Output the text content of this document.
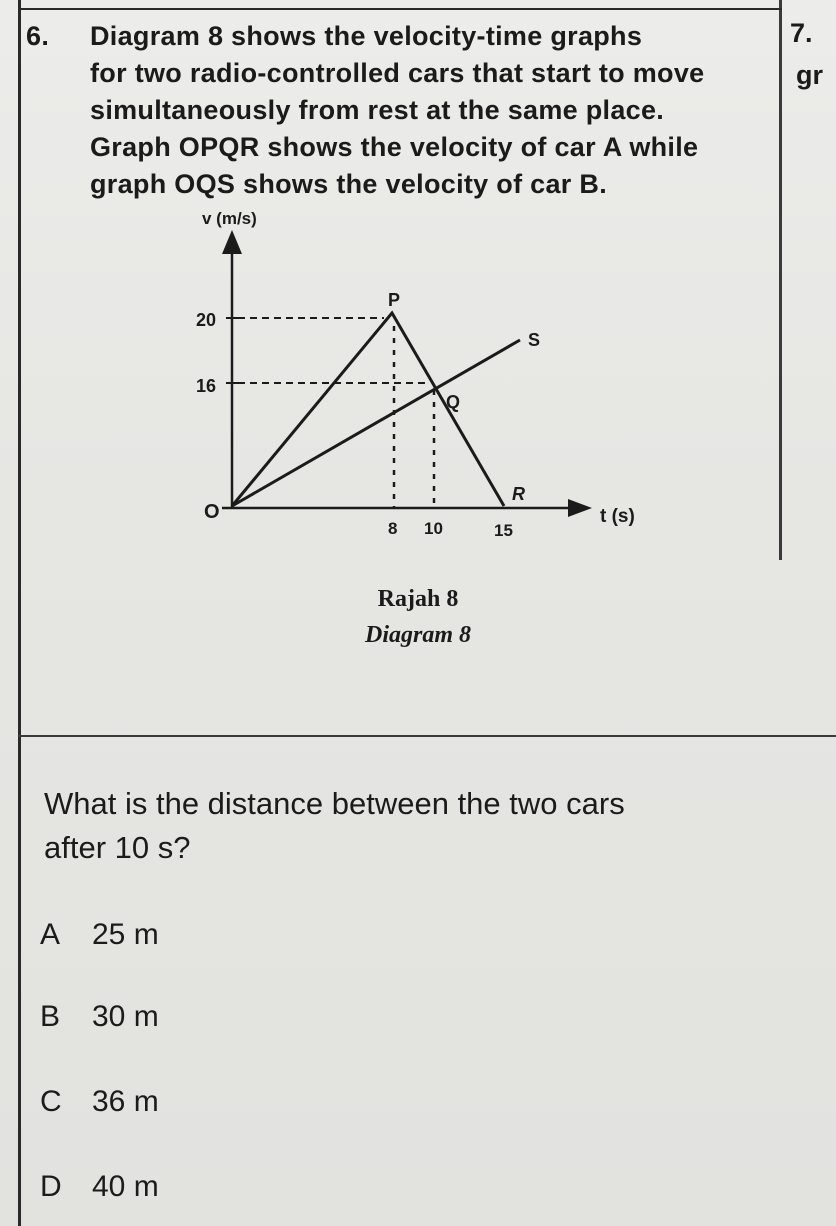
6. Diagram 8 shows the velocity-time graphs
for two radio-controlled cars that start to move
simultaneously from rest at the same place.
Graph OPQR shows the velocity of car A while
graph OQS shows the velocity of car B.
7.
gr
v (m/s)
t (s)
20
16
O
8 10	15
P
Q
R
S
Rajah 8
Diagram 8
What is the distance between the two cars
after 10 s?
A 25 m
B 30 m
C 36 m
D 40 m
